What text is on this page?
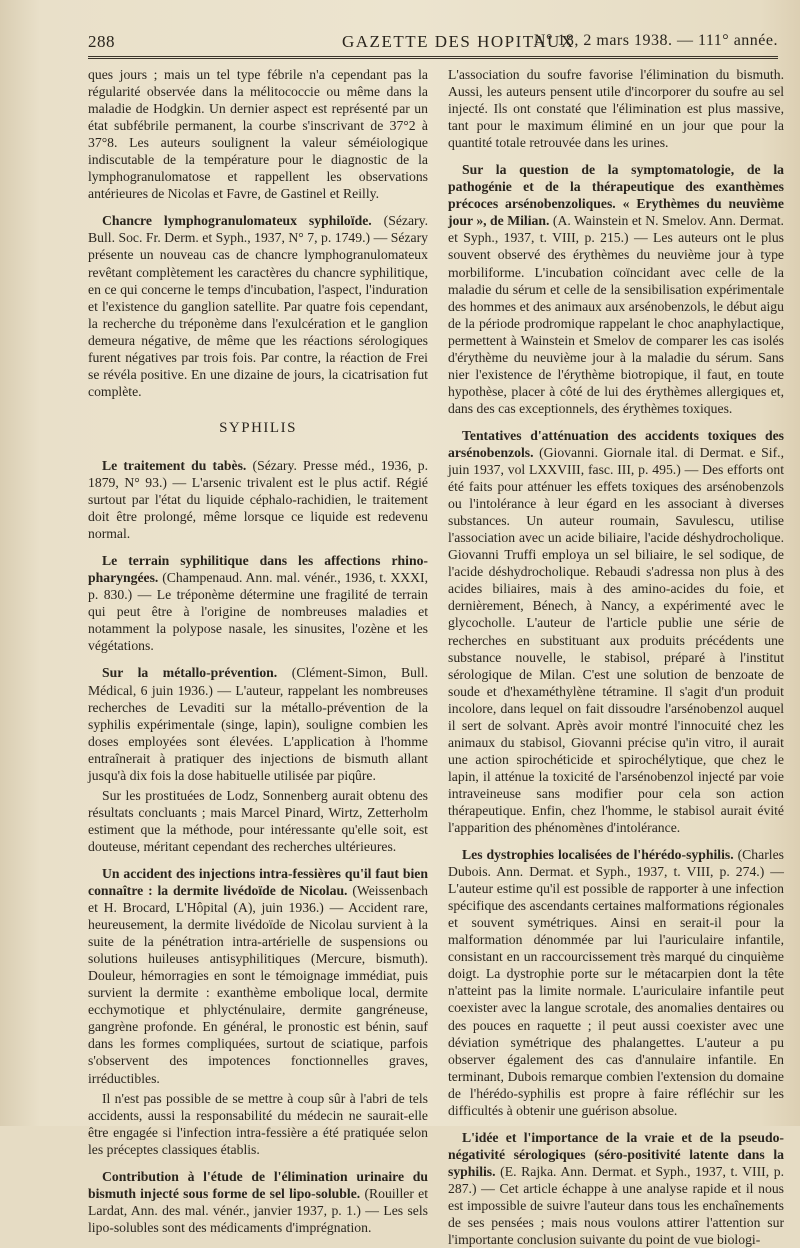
288	GAZETTE DES HOPITAUX
N° 18, 2 mars 1938. — 111° année.

ques jours ; mais un tel type fébrile n'a cependant pas la régularité observée dans la mélitococcie ou même dans la maladie de Hodgkin. Un dernier aspect est représenté par un état subfébrile permanent, la courbe s'inscrivant de 37°2 à 37°8. Les auteurs soulignent la valeur séméiologique indiscutable de la température pour le diagnostic de la lymphogranulomatose et rappellent les observations antérieures de Nicolas et Favre, de Gastinel et Reilly.

Chancre lymphogranulomateux syphiloïde. (Sézary. Bull. Soc. Fr. Derm. et Syph., 1937, N° 7, p. 1749.) — Sézary présente un nouveau cas de chancre lymphogranulomateux revêtant complètement les caractères du chancre syphilitique, en ce qui concerne le temps d'incubation, l'aspect, l'induration et l'existence du ganglion satellite. Par quatre fois cependant, la recherche du tréponème dans l'exulcération et le ganglion demeura négative, de même que les réactions sérologiques furent négatives par trois fois. Par contre, la réaction de Frei se révéla positive. En une dizaine de jours, la cicatrisation fut complète.

SYPHILIS

Le traitement du tabès. (Sézary. Presse méd., 1936, p. 1879, N° 93.) — L'arsenic trivalent est le plus actif. Régié surtout par l'état du liquide céphalo-rachidien, le traitement doit être prolongé, même lorsque ce liquide est redevenu normal.

Le terrain syphilitique dans les affections rhino-pharyngées. (Champenaud. Ann. mal. vénér., 1936, t. XXXI, p. 830.) — Le tréponème détermine une fragilité de terrain qui peut être à l'origine de nombreuses maladies et notamment la polypose nasale, les sinusites, l'ozène et les végétations.

Sur la métallo-prévention. (Clément-Simon, Bull. Médical, 6 juin 1936.) — L'auteur, rappelant les nombreuses recherches de Levaditi sur la métallo-prévention de la syphilis expérimentale (singe, lapin), souligne combien les doses employées sont élevées. L'application à l'homme entraînerait à pratiquer des injections de bismuth allant jusqu'à dix fois la dose habituelle utilisée par piqûre.

Sur les prostituées de Lodz, Sonnenberg aurait obtenu des résultats concluants ; mais Marcel Pinard, Wirtz, Zetterholm estiment que la méthode, pour intéressante qu'elle soit, est douteuse, méritant cependant des recherches ultérieures.

Un accident des injections intra-fessières qu'il faut bien connaître : la dermite livédoïde de Nicolau. (Weissenbach et H. Brocard, L'Hôpital (A), juin 1936.) — Accident rare, heureusement, la dermite livédoïde de Nicolau survient à la suite de la pénétration intra-artérielle de suspensions ou solutions huileuses antisyphilitiques (Mercure, bismuth). Douleur, hémorragies en sont le témoignage immédiat, puis survient la dermite : exanthème embolique local, dermite ecchymotique et phlycténulaire, dermite gangréneuse, gangrène profonde. En général, le pronostic est bénin, sauf dans les formes compliquées, surtout de sciatique, parfois s'observent des impotences fonctionnelles graves, irréductibles.

Il n'est pas possible de se mettre à coup sûr à l'abri de tels accidents, aussi la responsabilité du médecin ne saurait-elle être engagée si l'infection intra-fessière a été pratiquée selon les préceptes classiques établis.

Contribution à l'étude de l'élimination urinaire du bismuth injecté sous forme de sel lipo-soluble. (Rouiller et Lardat, Ann. des mal. vénér., janvier 1937, p. 1.) — Les sels lipo-solubles sont des médicaments d'imprégnation.

L'association du soufre favorise l'élimination du bismuth. Aussi, les auteurs pensent utile d'incorporer du soufre au sel injecté. Ils ont constaté que l'élimination est plus massive, tant pour le maximum éliminé en un jour que pour la quantité totale retrouvée dans les urines.

Sur la question de la symptomatologie, de la pathogénie et de la thérapeutique des exanthèmes précoces arsénobenzoliques. « Erythèmes du neuvième jour », de Milian. (A. Wainstein et N. Smelov. Ann. Dermat. et Syph., 1937, t. VIII, p. 215.) — Les auteurs ont le plus souvent observé des érythèmes du neuvième jour à type morbiliforme. L'incubation coïncidant avec celle de la maladie du sérum et celle de la sensibilisation expérimentale des hommes et des animaux aux arsénobenzols, le début aigu de la période prodromique rappelant le choc anaphylactique, permettent à Wainstein et Smelov de comparer les cas isolés d'érythème du neuvième jour à la maladie du sérum. Sans nier l'existence de l'érythème biotropique, il faut, en toute hypothèse, placer à côté de lui des érythèmes allergiques et, dans des cas exceptionnels, des érythèmes toxiques.

Tentatives d'atténuation des accidents toxiques des arsénobenzols. (Giovanni. Giornale ital. di Dermat. e Sif., juin 1937, vol LXXVIII, fasc. III, p. 495.) — Des efforts ont été faits pour atténuer les effets toxiques des arsénobenzols ou l'intolérance à leur égard en les associant à diverses substances. Un auteur roumain, Savulescu, utilise l'association avec un acide biliaire, l'acide déshydrocholique. Giovanni Truffi employa un sel biliaire, le sel sodique, de l'acide déshydrocholique. Rebaudi s'adressa non plus à des acides biliaires, mais à des amino-acides du foie, et dernièrement, Bénech, à Nancy, a expérimenté avec le glycocholle. L'auteur de l'article publie une série de recherches en substituant aux produits précédents une substance nouvelle, le stabisol, préparé à l'institut sérologique de Milan. C'est une solution de benzoate de soude et d'hexaméthylène tétramine. Il s'agit d'un produit incolore, dans lequel on fait dissoudre l'arsénobenzol auquel il sert de solvant. Après avoir montré l'innocuité chez les animaux du stabisol, Giovanni précise qu'in vitro, il aurait une action spirochéticide et spirochélytique, que chez le lapin, il atténue la toxicité de l'arsénobenzol injecté par voie intraveineuse sans modifier pour cela son action thérapeutique. Enfin, chez l'homme, le stabisol aurait évité l'apparition des phénomènes d'intolérance.

Les dystrophies localisées de l'hérédo-syphilis. (Charles Dubois. Ann. Dermat. et Syph., 1937, t. VIII, p. 274.) — L'auteur estime qu'il est possible de rapporter à une infection spécifique des ascendants certaines malformations régionales et souvent symétriques. Ainsi en serait-il pour la malformation dénommée par lui l'auriculaire infantile, consistant en un raccourcissement très marqué du cinquième doigt. La dystrophie porte sur le métacarpien dont la tête n'atteint pas la limite normale. L'auriculaire infantile peut coexister avec la langue scrotale, des anomalies dentaires ou des pouces en raquette ; il peut aussi coexister avec une déviation symétrique des phalangettes. L'auteur a pu observer également des cas d'annulaire infantile. En terminant, Dubois remarque combien l'extension du domaine de l'hérédo-syphilis est propre à faire réfléchir sur les difficultés à obtenir une guérison absolue.

L'idée et l'importance de la vraie et de la pseudo-négativité sérologiques (séro-positivité latente dans la syphilis. (E. Rajka. Ann. Dermat. et Syph., 1937, t. VIII, p. 287.) — Cet article échappe à une analyse rapide et il nous est impossible de suivre l'auteur dans tous les enchaînements de ses pensées ; mais nous voulons attirer l'attention sur l'importante conclusion suivante du point de vue biologi-
